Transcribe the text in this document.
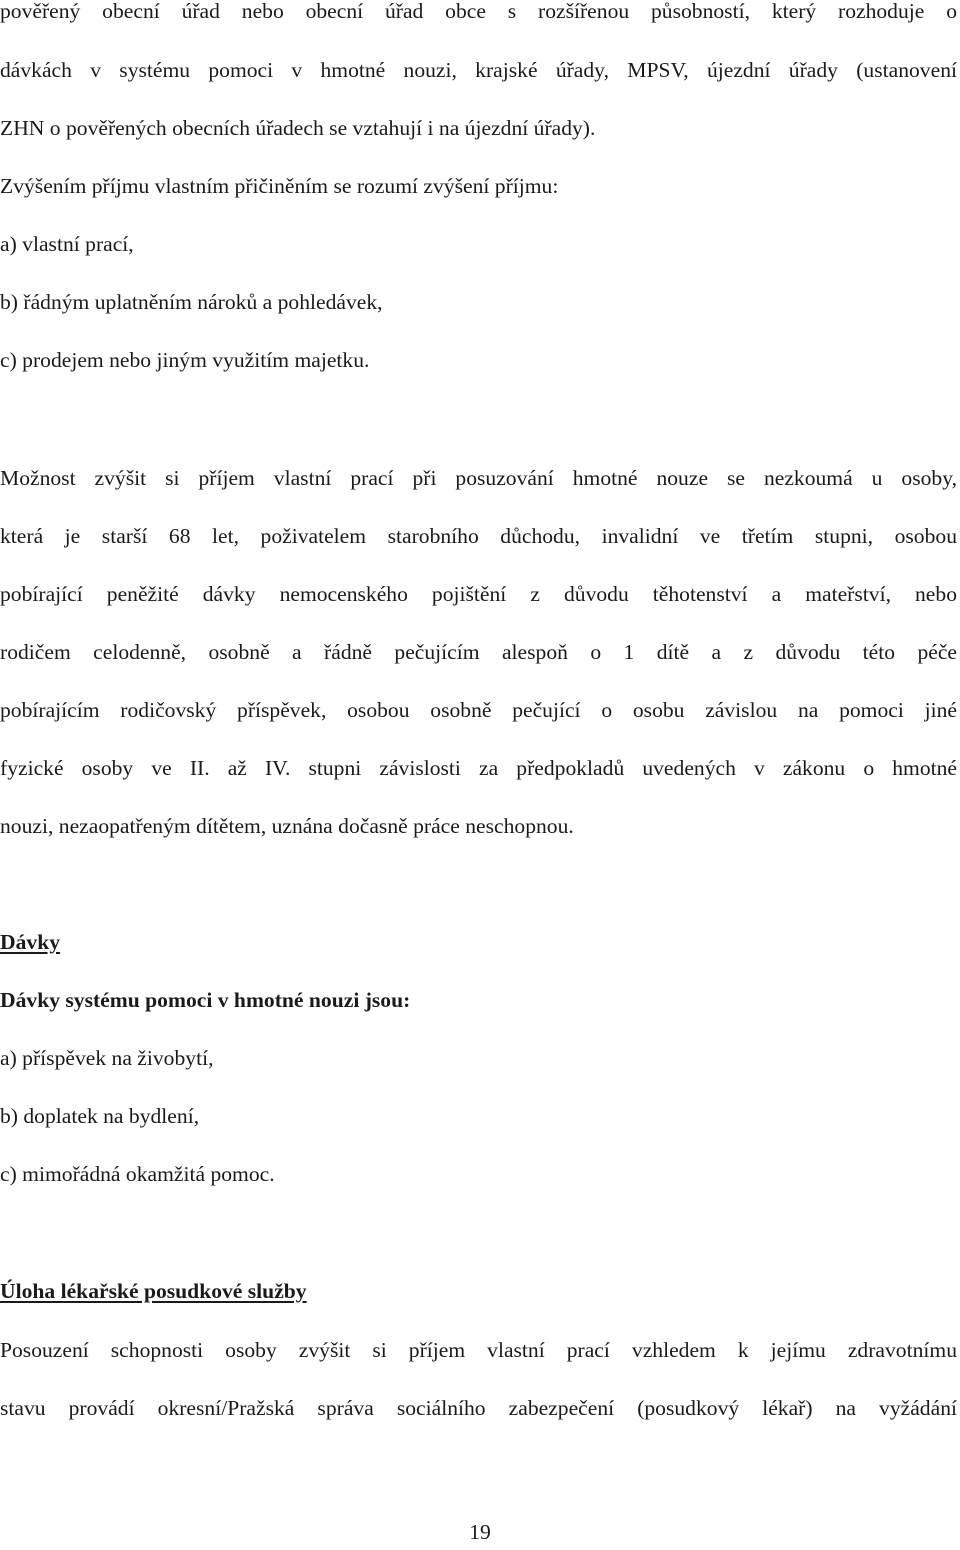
pověřený obecní úřad nebo obecní úřad obce s rozšířenou působností, který rozhoduje o
dávkách v systému pomoci v hmotné nouzi, krajské úřady, MPSV, újezdní úřady (ustanovení
ZHN o pověřených obecních úřadech se vztahují i na újezdní úřady).
Zvýšením příjmu vlastním přičiněním se rozumí zvýšení příjmu:
a) vlastní prací,
b) řádným uplatněním nároků a pohledávek,
c) prodejem nebo jiným využitím majetku.
Možnost zvýšit si příjem vlastní prací při posuzování hmotné nouze se nezkoumá u osoby,
která je starší 68 let, poživatelem starobního důchodu, invalidní ve třetím stupni, osobou
pobírající peněžité dávky nemocenského pojištění z důvodu těhotenství a mateřství, nebo
rodičem celodenně, osobně a řádně pečujícím alespoň o 1 dítě a z důvodu této péče
pobírajícím rodičovský příspěvek, osobou osobně pečující o osobu závislou na pomoci jiné
fyzické osoby ve II. až IV. stupni závislosti za předpokladů uvedených v zákonu o hmotné
nouzi, nezaopatřeným dítětem, uznána dočasně práce neschopnou.
Dávky
Dávky systému pomoci v hmotné nouzi jsou:
a) příspěvek na živobytí,
b) doplatek na bydlení,
c) mimořádná okamžitá pomoc.
Úloha lékařské posudkové služby
Posouzení schopnosti osoby zvýšit si příjem vlastní prací vzhledem k jejímu zdravotnímu
stavu provádí okresní/Pražská správa sociálního zabezpečení (posudkový lékař) na vyžádání
19
